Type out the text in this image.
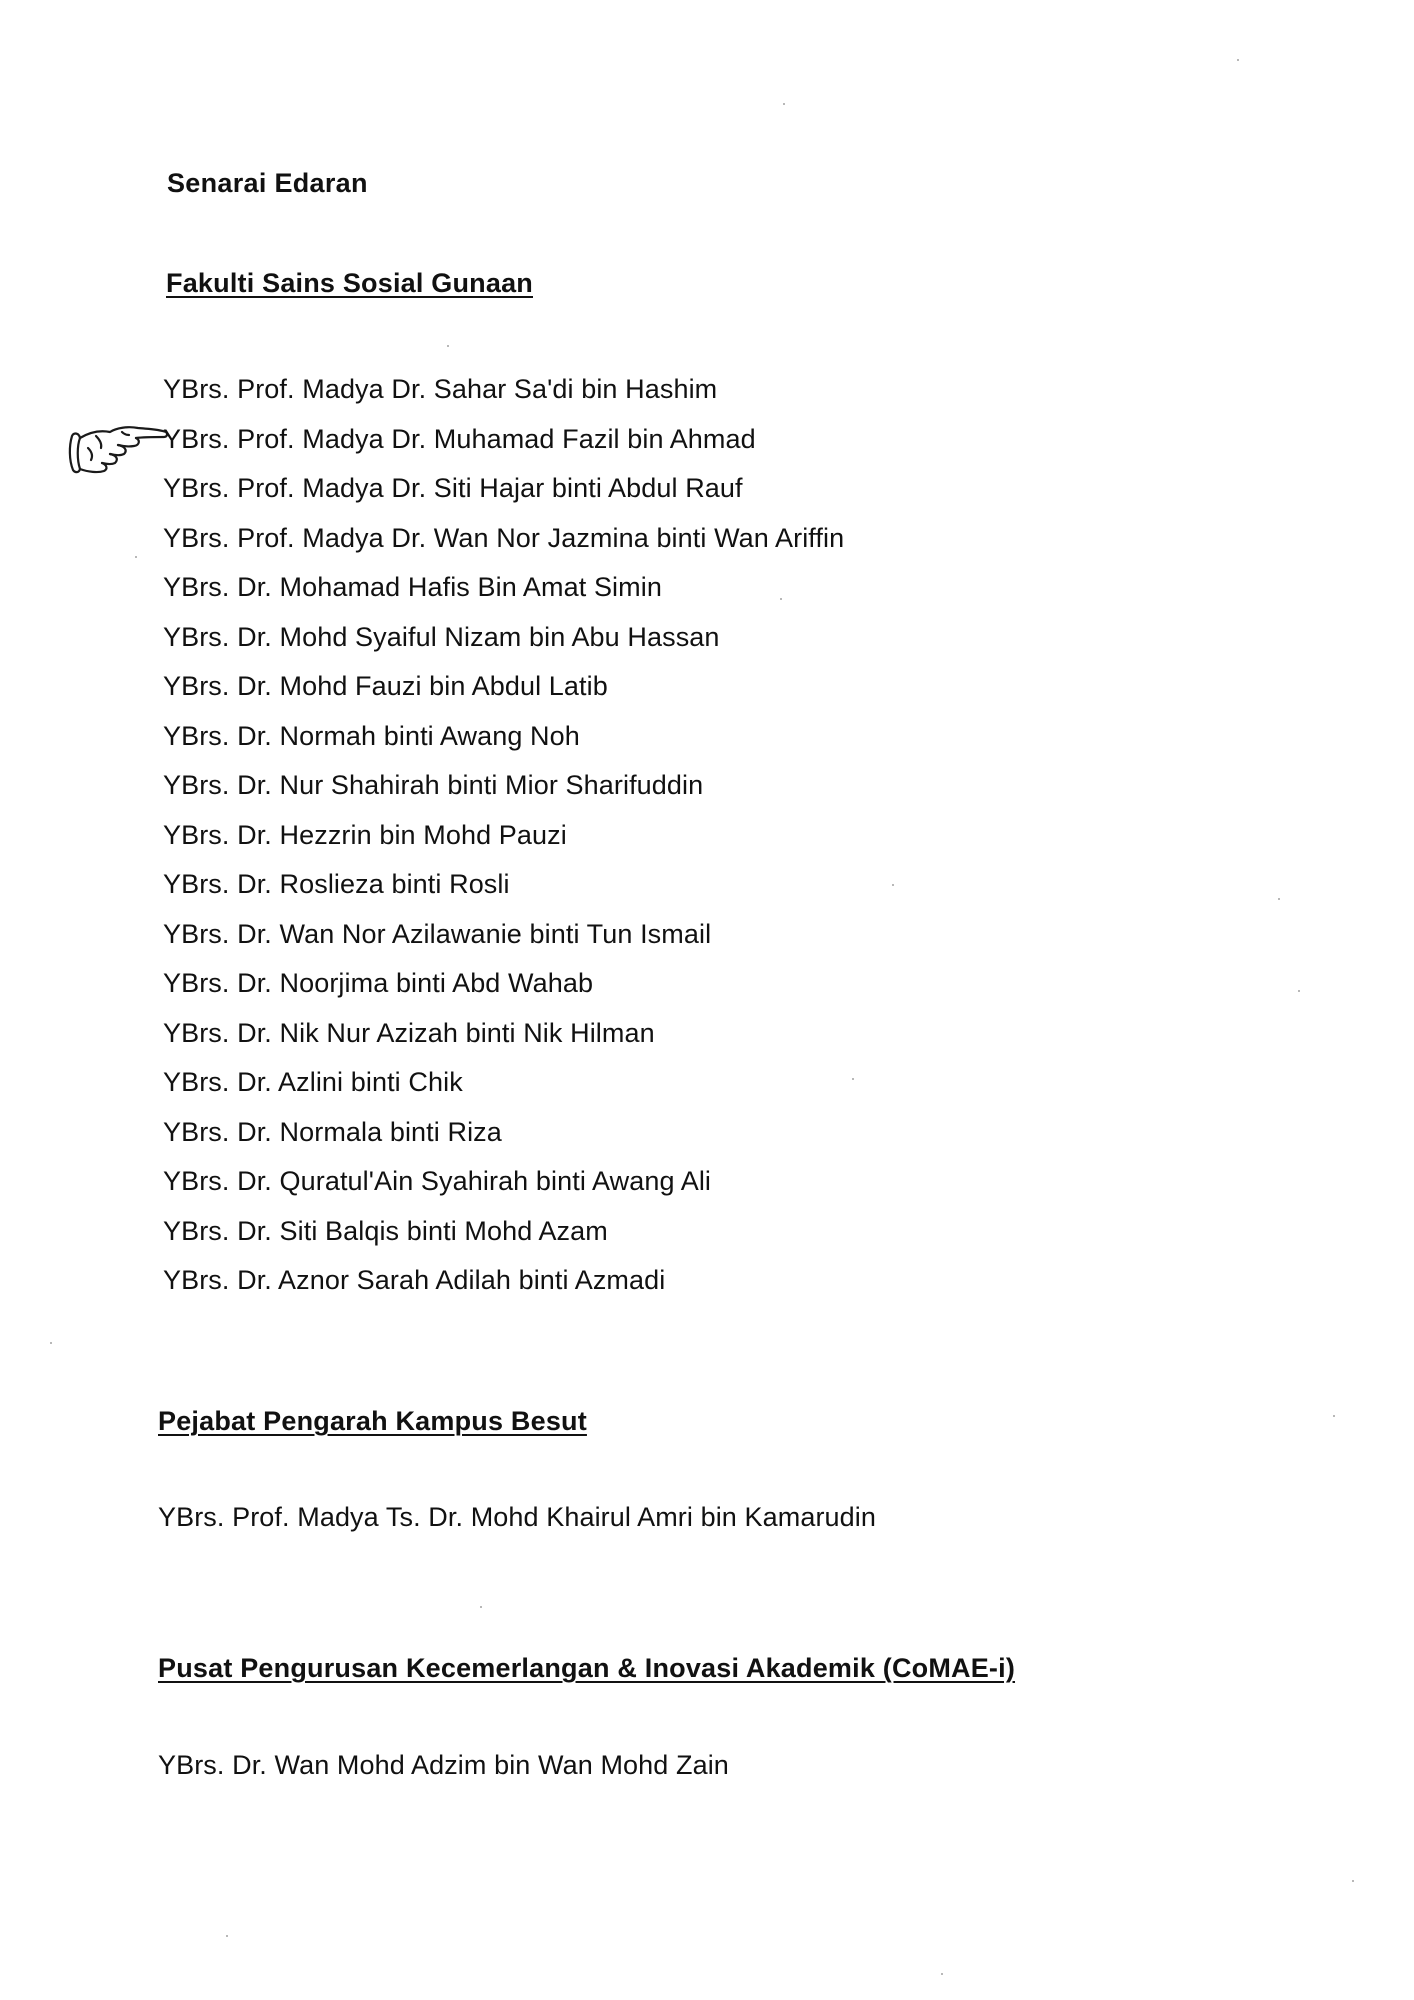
Senarai Edaran
Fakulti Sains Sosial Gunaan
YBrs. Prof. Madya Dr. Sahar Sa'di bin Hashim
YBrs. Prof. Madya Dr. Muhamad Fazil bin Ahmad
YBrs. Prof. Madya Dr. Siti Hajar binti Abdul Rauf
YBrs. Prof. Madya Dr. Wan Nor Jazmina binti Wan Ariffin
YBrs. Dr. Mohamad Hafis Bin Amat Simin
YBrs. Dr. Mohd Syaiful Nizam bin Abu Hassan
YBrs. Dr. Mohd Fauzi bin Abdul Latib
YBrs. Dr. Normah binti Awang Noh
YBrs. Dr. Nur Shahirah binti Mior Sharifuddin
YBrs. Dr. Hezzrin bin Mohd Pauzi
YBrs. Dr. Roslieza binti Rosli
YBrs. Dr. Wan Nor Azilawanie binti Tun Ismail
YBrs. Dr. Noorjima binti Abd Wahab
YBrs. Dr. Nik Nur Azizah binti Nik Hilman
YBrs. Dr. Azlini binti Chik
YBrs. Dr. Normala binti Riza
YBrs. Dr. Quratul'Ain Syahirah binti Awang Ali
YBrs. Dr. Siti Balqis binti Mohd Azam
YBrs. Dr. Aznor Sarah Adilah binti Azmadi
Pejabat Pengarah Kampus Besut

YBrs. Prof. Madya Ts. Dr. Mohd Khairul Amri bin Kamarudin

Pusat Pengurusan Kecemerlangan & Inovasi Akademik (CoMAE-i)

YBrs. Dr. Wan Mohd Adzim bin Wan Mohd Zain
